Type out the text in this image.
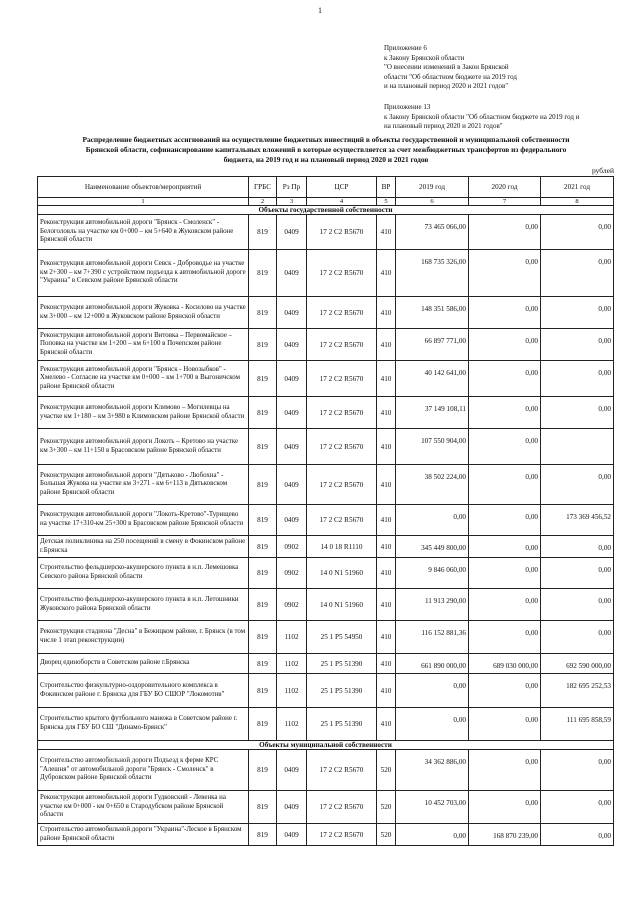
1
Приложение 6
к Закону Брянской области
"О внесении изменений в Закон Брянской
области "Об областном бюджете на 2019 год
и на плановый период 2020 и 2021 годов"
Приложение 13
к Закону Брянской области "Об областном бюджете на 2019 год и
на плановый период 2020 и 2021 годов"
Распределение бюджетных ассигнований на осуществление бюджетных инвестиций в объекты государственной и муниципальной собственности
Брянской области, софинансирование капитальных вложений в которые осуществляется за счет межбюджетных трансфертов из федерального
бюджета, на 2019 год и на плановый период 2020 и 2021 годов
рублей
Наименование объектов/мероприятий	ГРБС	Рз Пр	ЦСР	ВР	2019 год	2020 год	2021 год
1	2	3	4	5	6	7	8
Объекты государственной собственности							
Реконструкция автомобильной дороги "Брянск - Смоленск" - Белоголовль на участке км 0+000 – км 5+640 в Жуковском районе Брянской области	819	0409	17 2 С2 R5670	410	73 465 066,00	0,00	0,00
Реконструкция автомобильной дороги Севск - Доброводье на участке км 2+300 – км 7+390 с устройством подъезда к автомобильной дороге "Украина" в Севском районе Брянской области	819	0409	17 2 С2 R5670	410	168 735 326,00	0,00	0,00
Реконструкция автомобильной дороги Жуковка - Косилово на участке км 3+000 – км 12+000 в Жуковском районе Брянской области	819	0409	17 2 С2 R5670	410	148 351 586,00	0,00	0,00
Реконструкция автомобильной дороги Витовка – Первомайское – Поповка на участке км 1+200 – км 6+100 в Почепском районе Брянской области	819	0409	17 2 С2 R5670	410	66 897 771,00	0,00	0,00
Реконструкция автомобильной дороги "Брянск - Новозыбков" - Хмелево - Согласие на участке км 0+000 – км 1+700 в Выгоничском районе Брянской области	819	0409	17 2 С2 R5670	410	40 142 641,00	0,00	0,00
Реконструкция автомобильной дороги Климово – Могилевцы на участке км 1+180 – км 3+980 в Климовском районе Брянской области	819	0409	17 2 С2 R5670	410	37 149 108,11	0,00	0,00
Реконструкция автомобильной дороги Локоть – Кретово на участке км 3+300 – км 11+150 в Брасовском районе Брянской области	819	0409	17 2 С2 R5670	410	107 550 904,00	0,00	
Реконструкция автомобильной дороги "Дятьково - Любохна" - Большая Жукова на участке км 3+271 - км 6+113 в Дятьковском районе Брянской области	819	0409	17 2 С2 R5670	410	38 502 224,00	0,00	0,00
Реконструкция автомобильной дороги "Локоть-Кретово"-Турищево на участке 17+310-км 25+300 в Брасовском районе Брянской области	819	0409	17 2 С2 R5670	410	0,00	0,00	173 369 456,52
Детская поликлиника на 250 посещений в смену в Фокинском районе г.Брянска	819	0902	14 0 18 R1110	410	345 449 800,00	0,00	0,00
Строительство фельдшерско-акушерского пункта в н.п. Лемешовка Севского района Брянской области	819	0902	14 0 N1 51960	410	9 846 060,00	0,00	0,00
Строительство фельдшерско-акушерского пункта в н.п. Летошники Жуковского района Брянской области	819	0902	14 0 N1 51960	410	11 913 290,00	0,00	0,00
Реконструкция стадиона "Десна" в Бежицком районе, г. Брянск (в том числе 1 этап реконструкции)	819	1102	25 1 P5 54950	410	116 152 881,36	0,00	0,00
Дворец единоборств в Советском районе г.Брянска	819	1102	25 1 P5 51390	410	661 890 000,00	689 030 000,00	692 590 000,00
Строительство физкультурно-оздоровительного комплекса в Фокинском районе г. Брянска для ГБУ БО СШОР "Локомотив"	819	1102	25 1 P5 51390	410	0,00	0,00	182 695 252,53
Строительство крытого футбольного манежа в Советском районе г. Брянска для ГБУ БО СШ "Динамо-Брянск"	819	1102	25 1 P5 51390	410	0,00	0,00	111 695 858,59
Объекты муниципальной собственности							
Строительство автомобильной дороги Подъезд к ферме КРС "Алешня" от автомобильной дороги "Брянск - Смоленск" в Дубровском районе Брянской области	819	0409	17 2 С2 R5670	520	34 362 886,00	0,00	0,00
Реконструкция автомобильной дороги Гудковский - Левенка на участке км 0+000 - км 0+650 в Стародубском районе Брянской области	819	0409	17 2 С2 R5670	520	10 452 703,00	0,00	0,00
Строительство автомобильной дороги "Украина"-Леское в Брянском районе Брянской области	819	0409	17 2 С2 R5670	520	0,00	168 870 239,00	0,00
